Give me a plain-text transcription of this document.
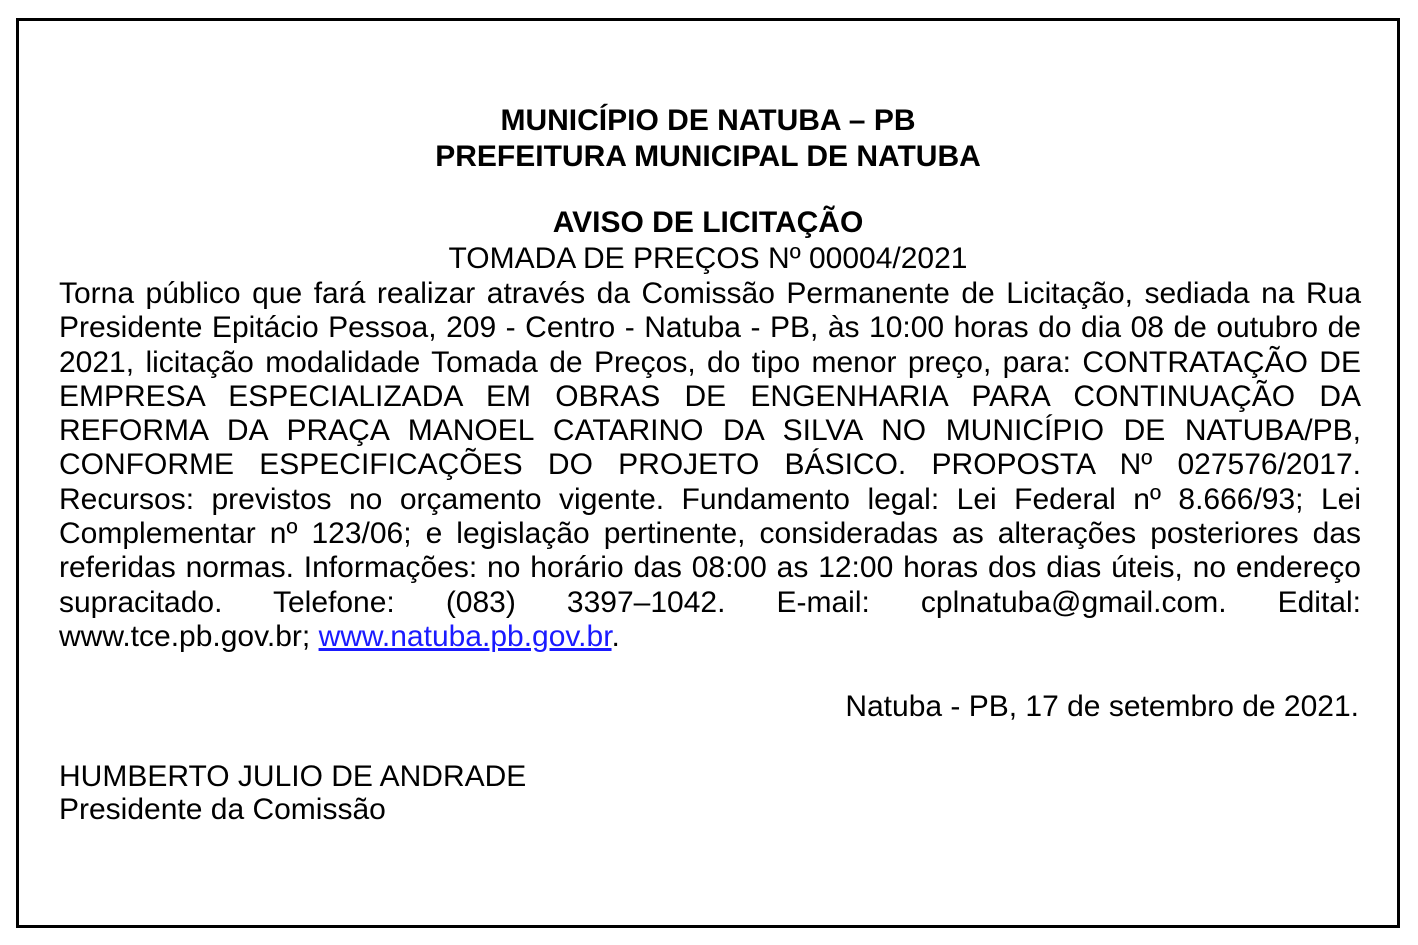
MUNICÍPIO DE NATUBA – PB
PREFEITURA MUNICIPAL DE NATUBA
AVISO DE LICITAÇÃO
TOMADA DE PREÇOS Nº 00004/2021

Torna público que fará realizar através da Comissão Permanente de Licitação, sediada na Rua Presidente Epitácio Pessoa, 209 - Centro - Natuba - PB, às 10:00 horas do dia 08 de outubro de 2021, licitação modalidade Tomada de Preços, do tipo menor preço, para: CONTRATAÇÃO DE EMPRESA ESPECIALIZADA EM OBRAS DE ENGENHARIA PARA CONTINUAÇÃO DA REFORMA DA PRAÇA MANOEL CATARINO DA SILVA NO MUNICÍPIO DE NATUBA/PB, CONFORME ESPECIFICAÇÕES DO PROJETO BÁSICO. PROPOSTA Nº 027576/2017. Recursos: previstos no orçamento vigente. Fundamento legal: Lei Federal nº 8.666/93; Lei Complementar nº 123/06; e legislação pertinente, consideradas as alterações posteriores das referidas normas. Informações: no horário das 08:00 as 12:00 horas dos dias úteis, no endereço supracitado. Telefone: (083) 3397–1042. E-mail: cplnatuba@gmail.com. Edital: www.tce.pb.gov.br; www.natuba.pb.gov.br.

Natuba - PB, 17 de setembro de 2021.
HUMBERTO JULIO DE ANDRADE
Presidente da Comissão
